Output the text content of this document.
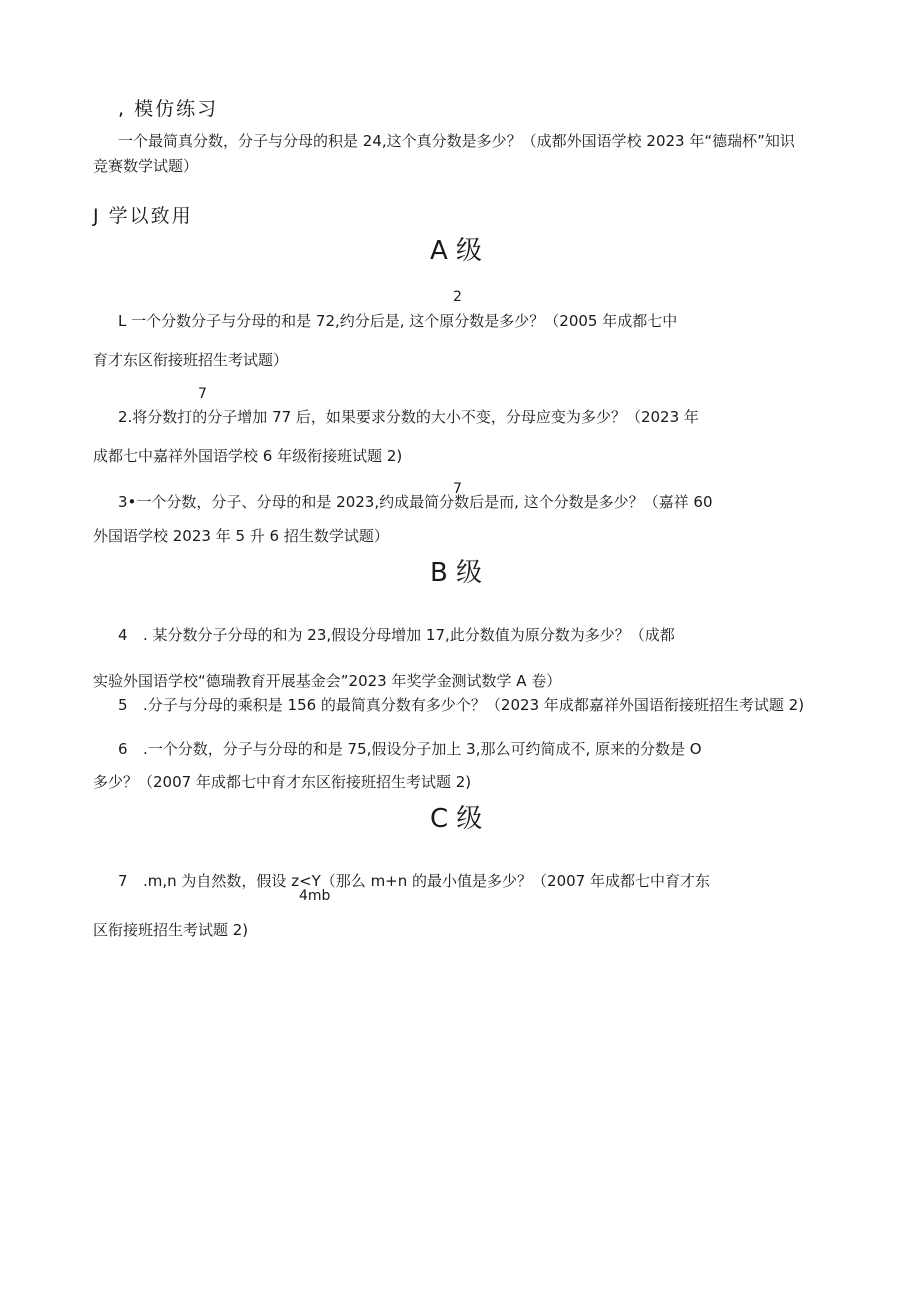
, 模仿练习
一个最简真分数，分子与分母的积是 24,这个真分数是多少？（成都外国语学校 2023 年“德瑞杯”知识
竞赛数学试题）
J 学以致用
A 级
2
L 一个分数分子与分母的和是 72,约分后是, 这个原分数是多少？（2005 年成都七中
育才东区衔接班招生考试题）
7
2.将分数打的分子增加 77 后，如果要求分数的大小不变，分母应变为多少？（2023 年
成都七中嘉祥外国语学校 6 年级衔接班试题 2)
7
3•一个分数，分子、分母的和是 2023,约成最简分数后是而, 这个分数是多少？（嘉祥 60
外国语学校 2023 年 5 升 6 招生数学试题）
B 级
4 . 某分数分子分母的和为 23,假设分母增加 17,此分数值为原分数为多少？（成都
实验外国语学校“德瑞教育开展基金会”2023 年奖学金测试数学 A 卷）
5 .分子与分母的乘积是 156 的最简真分数有多少个？（2023 年成都嘉祥外国语衔接班招生考试题 2)
6 .一个分数，分子与分母的和是 75,假设分子加上 3,那么可约简成不, 原来的分数是 O
多少？（2007 年成都七中育才东区衔接班招生考试题 2)
C 级
7 .m,n 为自然数，假设 z<Y（那么 m+n 的最小值是多少？（2007 年成都七中育才东
4mb
区衔接班招生考试题 2)
